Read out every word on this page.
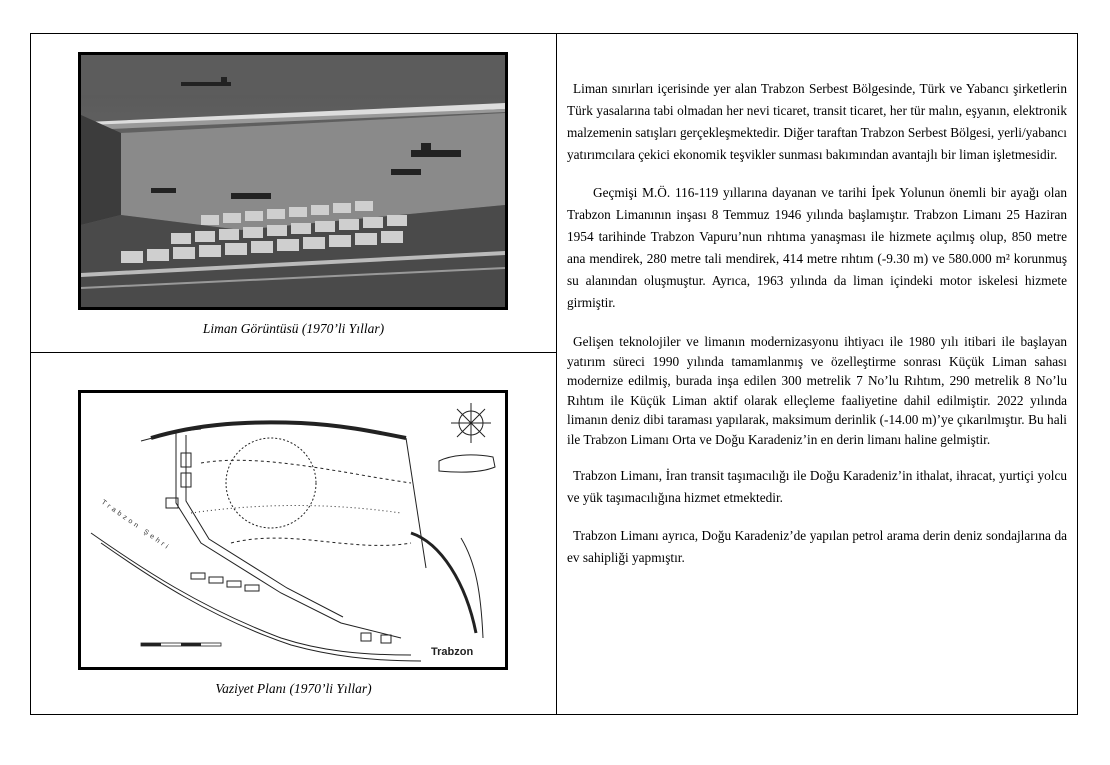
Liman Görüntüsü (1970’li Yıllar)
Trabzon
Trabzon Şehri
Vaziyet Planı (1970’li Yıllar)

Liman sınırları içerisinde yer alan Trabzon Serbest Bölgesinde, Türk ve Yabancı şirketlerin Türk yasalarına tabi olmadan her nevi ticaret, transit ticaret, her tür malın, eşyanın, elektronik malzemenin satışları gerçekleşmektedir. Diğer taraftan Trabzon Serbest Bölgesi, yerli/yabancı yatırımcılara çekici ekonomik teşvikler sunması bakımından avantajlı bir liman işletmesidir.

Geçmişi M.Ö. 116-119 yıllarına dayanan ve tarihi İpek Yolunun önemli bir ayağı olan Trabzon Limanının inşası 8 Temmuz 1946 yılında başlamıştır. Trabzon Limanı 25 Haziran 1954 tarihinde Trabzon Vapuru’nun rıhtıma yanaşması ile hizmete açılmış olup, 850 metre ana mendirek, 280 metre tali mendirek, 414 metre rıhtım (-9.30 m) ve 580.000 m² korunmuş su alanından oluşmuştur. Ayrıca, 1963 yılında da liman içindeki motor iskelesi hizmete girmiştir.

Gelişen teknolojiler ve limanın modernizasyonu ihtiyacı ile 1980 yılı itibari ile başlayan yatırım süreci 1990 yılında tamamlanmış ve özelleştirme sonrası Küçük Liman sahası modernize edilmiş, burada inşa edilen 300 metrelik 7 No’lu Rıhtım, 290 metrelik 8 No’lu Rıhtım ile Küçük Liman aktif olarak elleçleme faaliyetine dahil edilmiştir. 2022 yılında limanın deniz dibi taraması yapılarak, maksimum derinlik (-14.00 m)’ye çıkarılmıştır. Bu hali ile Trabzon Limanı Orta ve Doğu Karadeniz’in en derin limanı haline gelmiştir.

Trabzon Limanı, İran transit taşımacılığı ile Doğu Karadeniz’in ithalat, ihracat, yurtiçi yolcu ve yük taşımacılığına hizmet etmektedir.

Trabzon Limanı ayrıca, Doğu Karadeniz’de yapılan petrol arama derin deniz sondajlarına da ev sahipliği yapmıştır.
